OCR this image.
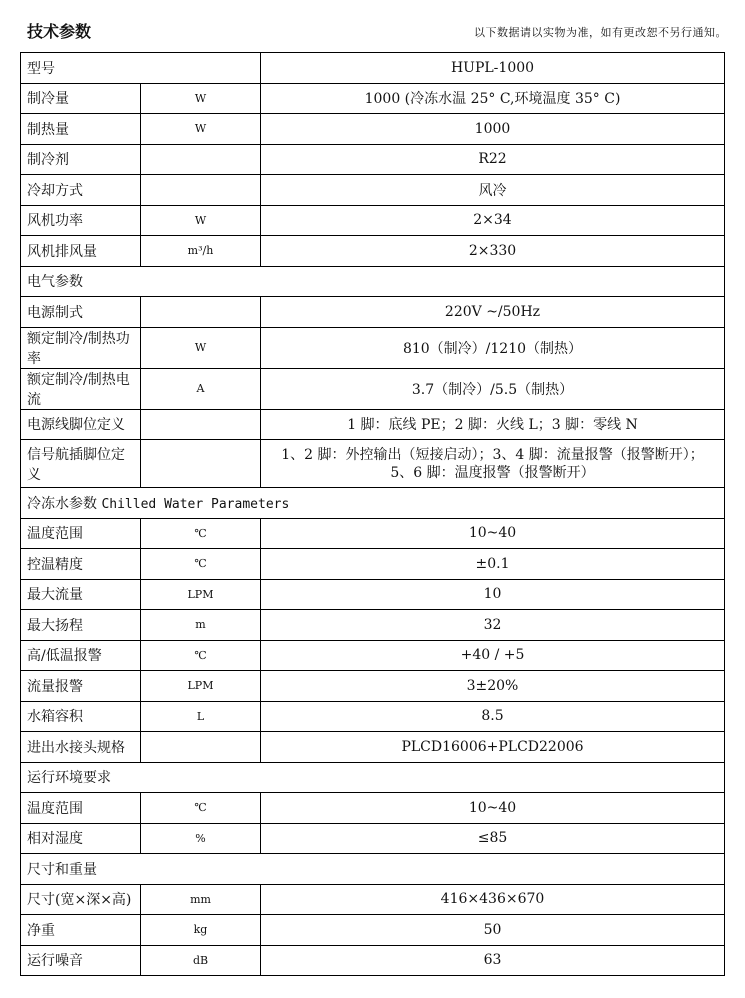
技术参数	以下数据请以实物为准，如有更改恕不另行通知。
型号		HUPL-1000
制冷量	W	1000 (冷冻水温 25° C,环境温度 35° C)
制热量	W	1000
制冷剂		R22
冷却方式		风冷
风机功率	W	2×34
风机排风量	m³/h	2×330
电气参数		
电源制式		220V ~/50Hz
额定制冷/制热功率	W	810（制冷）/1210（制热）
额定制冷/制热电流	A	3.7（制冷）/5.5（制热）
电源线脚位定义		1 脚：底线 PE；2 脚：火线 L；3 脚：零线 N
信号航插脚位定义		1、2 脚：外控输出（短接启动）；3、4 脚：流量报警（报警断开）；
5、6 脚：温度报警（报警断开）

冷冻水参数 Chilled Water Parameters		
温度范围	℃	10~40
控温精度	℃	±0.1
最大流量	LPM	10
最大扬程	m	32
高/低温报警	℃	+40 / +5
流量报警	LPM	3±20%
水箱容积	L	8.5
进出水接头规格		PLCD16006+PLCD22006
运行环境要求		
温度范围	℃	10~40
相对湿度	%	≤85
尺寸和重量		
尺寸(宽×深×高)	mm	416×436×670
净重	kg	50
运行噪音	dB	63
